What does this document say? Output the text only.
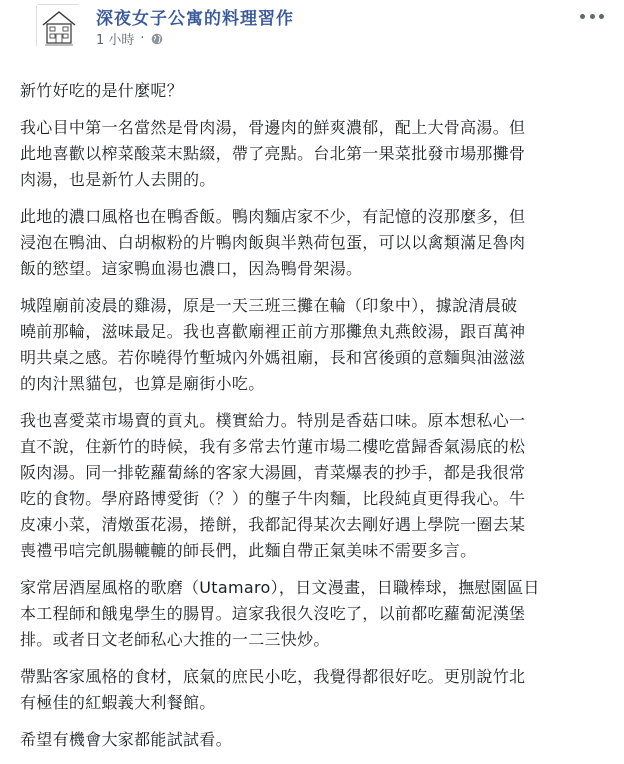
深夜女子公寓的料理習作
1 小時 ·

新竹好吃的是什麼呢？

我心目中第一名當然是骨肉湯，骨邊肉的鮮爽濃郁，配上大骨高湯。但
此地喜歡以榨菜酸菜末點綴，帶了亮點。台北第一果菜批發市場那攤骨
肉湯，也是新竹人去開的。

此地的濃口風格也在鴨香飯。鴨肉麵店家不少，有記憶的沒那麼多，但
浸泡在鴨油、白胡椒粉的片鴨肉飯與半熟荷包蛋，可以以禽類滿足魯肉
飯的慾望。這家鴨血湯也濃口，因為鴨骨架湯。

城隍廟前凌晨的雞湯，原是一天三班三攤在輪（印象中），據說清晨破
曉前那輪，滋味最足。我也喜歡廟裡正前方那攤魚丸燕餃湯，跟百萬神
明共桌之感。若你曉得竹塹城內外媽祖廟，長和宮後頭的意麵與油滋滋
的肉汁黑貓包，也算是廟街小吃。

我也喜愛菜市場賣的貢丸。樸實給力。特別是香菇口味。原本想私心一
直不說，住新竹的時候，我有多常去竹蓮市場二樓吃當歸香氣湯底的松
阪肉湯。同一排乾蘿蔔絲的客家大湯圓，青菜爆表的抄手，都是我很常
吃的食物。學府路博愛街（？）的壟子牛肉麵，比段純貞更得我心。牛
皮凍小菜，清燉蛋花湯，捲餅，我都記得某次去剛好遇上學院一圈去某
喪禮弔唁完飢腸轆轆的師長們，此麵自帶正氣美味不需要多言。

家常居酒屋風格的歌磨（Utamaro），日文漫畫，日職棒球，撫慰園區日
本工程師和餓鬼學生的腸胃。這家我很久沒吃了，以前都吃蘿蔔泥漢堡
排。或者日文老師私心大推的一二三快炒。

帶點客家風格的食材，底氣的庶民小吃，我覺得都很好吃。更別說竹北
有極佳的紅蝦義大利餐館。

希望有機會大家都能試試看。
